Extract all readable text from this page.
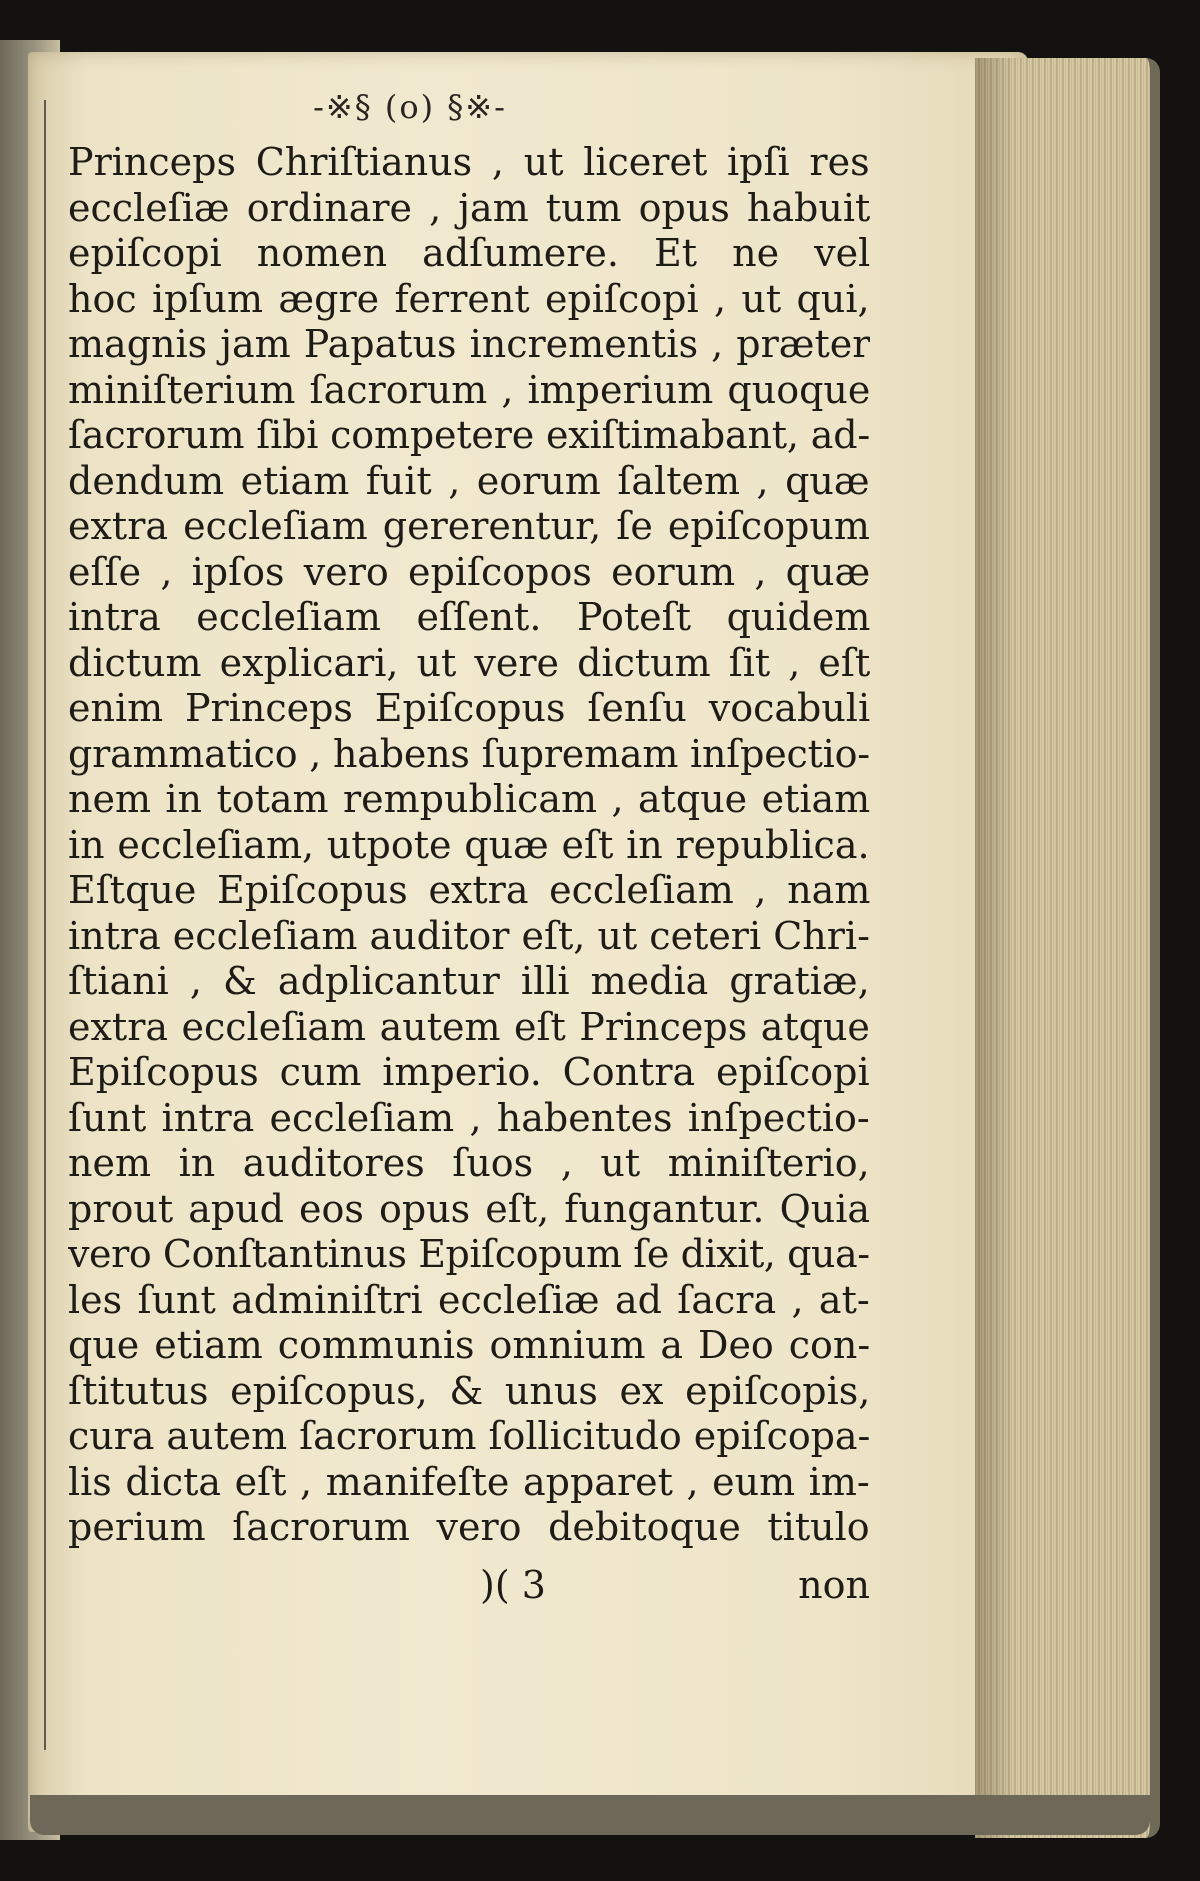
-※§ (o) §※-
Princeps Chriſtianus , ut liceret ipſi res
eccleſiæ ordinare , jam tum opus habuit
epiſcopi nomen adſumere. Et ne vel
hoc ipſum ægre ferrent epiſcopi , ut qui,
magnis jam Papatus incrementis , præter
miniſterium ſacrorum , imperium quoque
ſacrorum ſibi competere exiſtimabant, ad-
dendum etiam fuit , eorum ſaltem , quæ
extra eccleſiam gererentur, ſe epiſcopum
eſſe , ipſos vero epiſcopos eorum , quæ
intra eccleſiam eſſent. Poteſt quidem
dictum explicari, ut vere dictum ſit , eſt
enim Princeps Epiſcopus ſenſu vocabuli
grammatico , habens ſupremam inſpectio-
nem in totam rempublicam , atque etiam
in eccleſiam, utpote quæ eſt in republica.
Eſtque Epiſcopus extra eccleſiam , nam
intra eccleſiam auditor eſt, ut ceteri Chri-
ſtiani , & adplicantur illi media gratiæ,
extra eccleſiam autem eſt Princeps atque
Epiſcopus cum imperio. Contra epiſcopi
ſunt intra eccleſiam , habentes inſpectio-
nem in auditores ſuos , ut miniſterio,
prout apud eos opus eſt, fungantur. Quia
vero Conſtantinus Epiſcopum ſe dixit, qua-
les ſunt adminiſtri eccleſiæ ad ſacra , at-
que etiam communis omnium a Deo con-
ſtitutus epiſcopus, & unus ex epiſcopis,
cura autem ſacrorum ſollicitudo epiſcopa-
lis dicta eſt , manifeſte apparet , eum im-
perium ſacrorum vero debitoque titulo
)( 3	non
